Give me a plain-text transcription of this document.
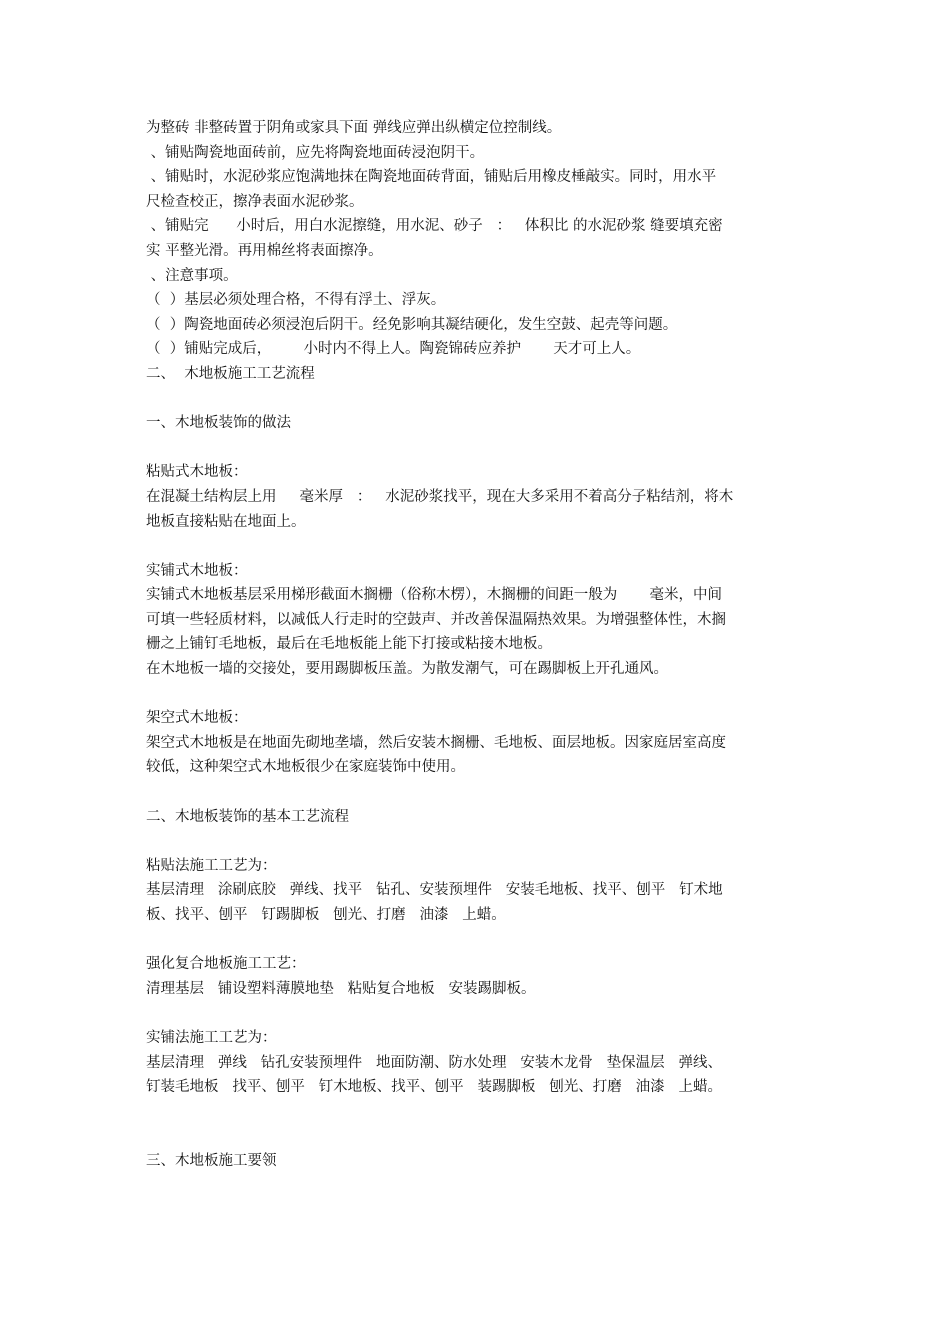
为整砖 非整砖置于阴角或家具下面 弹线应弹出纵横定位控制线。
、铺贴陶瓷地面砖前，应先将陶瓷地面砖浸泡阴干。
、铺贴时，水泥砂浆应饱满地抹在陶瓷地面砖背面，铺贴后用橡皮棰敲实。同时，用水平
尺检查校正，擦净表面水泥砂浆。
、铺贴完      小时后，用白水泥擦缝，用水泥、砂子   ：   体积比 的水泥砂浆 缝要填充密
实 平整光滑。再用棉丝将表面擦净。
、注意事项。
（  ）基层必须处理合格，不得有浮土、浮灰。
（  ）陶瓷地面砖必须浸泡后阴干。经免影响其凝结硬化，发生空鼓、起壳等问题。
（  ）铺贴完成后，       小时内不得上人。陶瓷锦砖应养护       天才可上人。
二、  木地板施工工艺流程
一、木地板装饰的做法
粘贴式木地板：
在混凝土结构层上用     毫米厚   ：   水泥砂浆找平，现在大多采用不着高分子粘结剂，将木
地板直接粘贴在地面上。
实铺式木地板：
实铺式木地板基层采用梯形截面木搁栅（俗称木楞），木搁栅的间距一般为       毫米，中间
可填一些轻质材料，以减低人行走时的空鼓声、并改善保温隔热效果。为增强整体性，木搁
栅之上铺钉毛地板，最后在毛地板能上能下打接或粘接木地板。
在木地板一墙的交接处，要用踢脚板压盖。为散发潮气，可在踢脚板上开孔通风。
架空式木地板：
架空式木地板是在地面先砌地垄墙，然后安装木搁栅、毛地板、面层地板。因家庭居室高度
较低，这种架空式木地板很少在家庭装饰中使用。
二、木地板装饰的基本工艺流程
粘贴法施工工艺为：
基层清理   涂刷底胶   弹线、找平   钻孔、安装预埋件   安装毛地板、找平、刨平   钉术地
板、找平、刨平   钉踢脚板   刨光、打磨   油漆   上蜡。
强化复合地板施工工艺：
清理基层   铺设塑料薄膜地垫   粘贴复合地板   安装踢脚板。
实铺法施工工艺为：
基层清理   弹线   钻孔安装预埋件   地面防潮、防水处理   安装木龙骨   垫保温层   弹线、
钉装毛地板   找平、刨平   钉木地板、找平、刨平   装踢脚板   刨光、打磨   油漆   上蜡。
三、木地板施工要领
